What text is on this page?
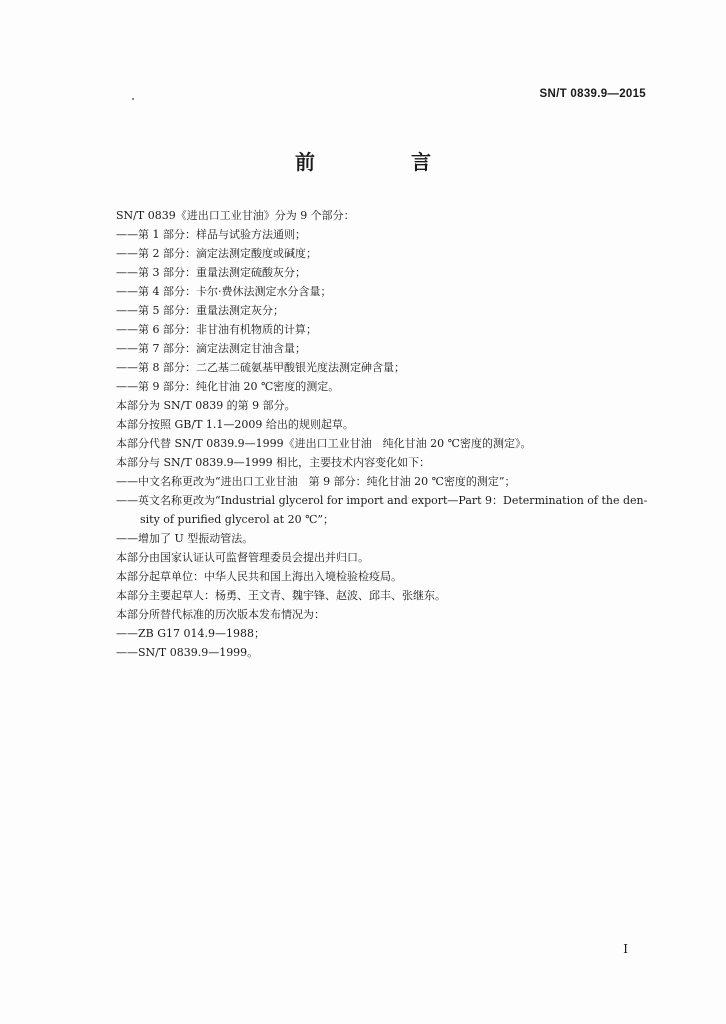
SN/T 0839.9—2015
前　言
SN/T 0839《进出口工业甘油》分为 9 个部分：
——第 1 部分：样品与试验方法通则；
——第 2 部分：滴定法测定酸度或碱度；
——第 3 部分：重量法测定硫酸灰分；
——第 4 部分：卡尔·费休法测定水分含量；
——第 5 部分：重量法测定灰分；
——第 6 部分：非甘油有机物质的计算；
——第 7 部分：滴定法测定甘油含量；
——第 8 部分：二乙基二硫氨基甲酸银光度法测定砷含量；
——第 9 部分：纯化甘油 20 ℃密度的测定。
本部分为 SN/T 0839 的第 9 部分。
本部分按照 GB/T 1.1—2009 给出的规则起草。
本部分代替 SN/T 0839.9—1999《进出口工业甘油　纯化甘油 20 ℃密度的测定》。
本部分与 SN/T 0839.9—1999 相比，主要技术内容变化如下：
——中文名称更改为“进出口工业甘油　第 9 部分：纯化甘油 20 ℃密度的测定”；
——英文名称更改为“Industrial glycerol for import and export—Part 9：Determination of the den-
sity of purified glycerol at 20 ℃”；
——增加了 U 型振动管法。
本部分由国家认证认可监督管理委员会提出并归口。
本部分起草单位：中华人民共和国上海出入境检验检疫局。
本部分主要起草人：杨勇、王文青、魏宇锋、赵波、邱丰、张继东。
本部分所替代标准的历次版本发布情况为：
——ZB G17 014.9—1988；
——SN/T 0839.9—1999。
I
